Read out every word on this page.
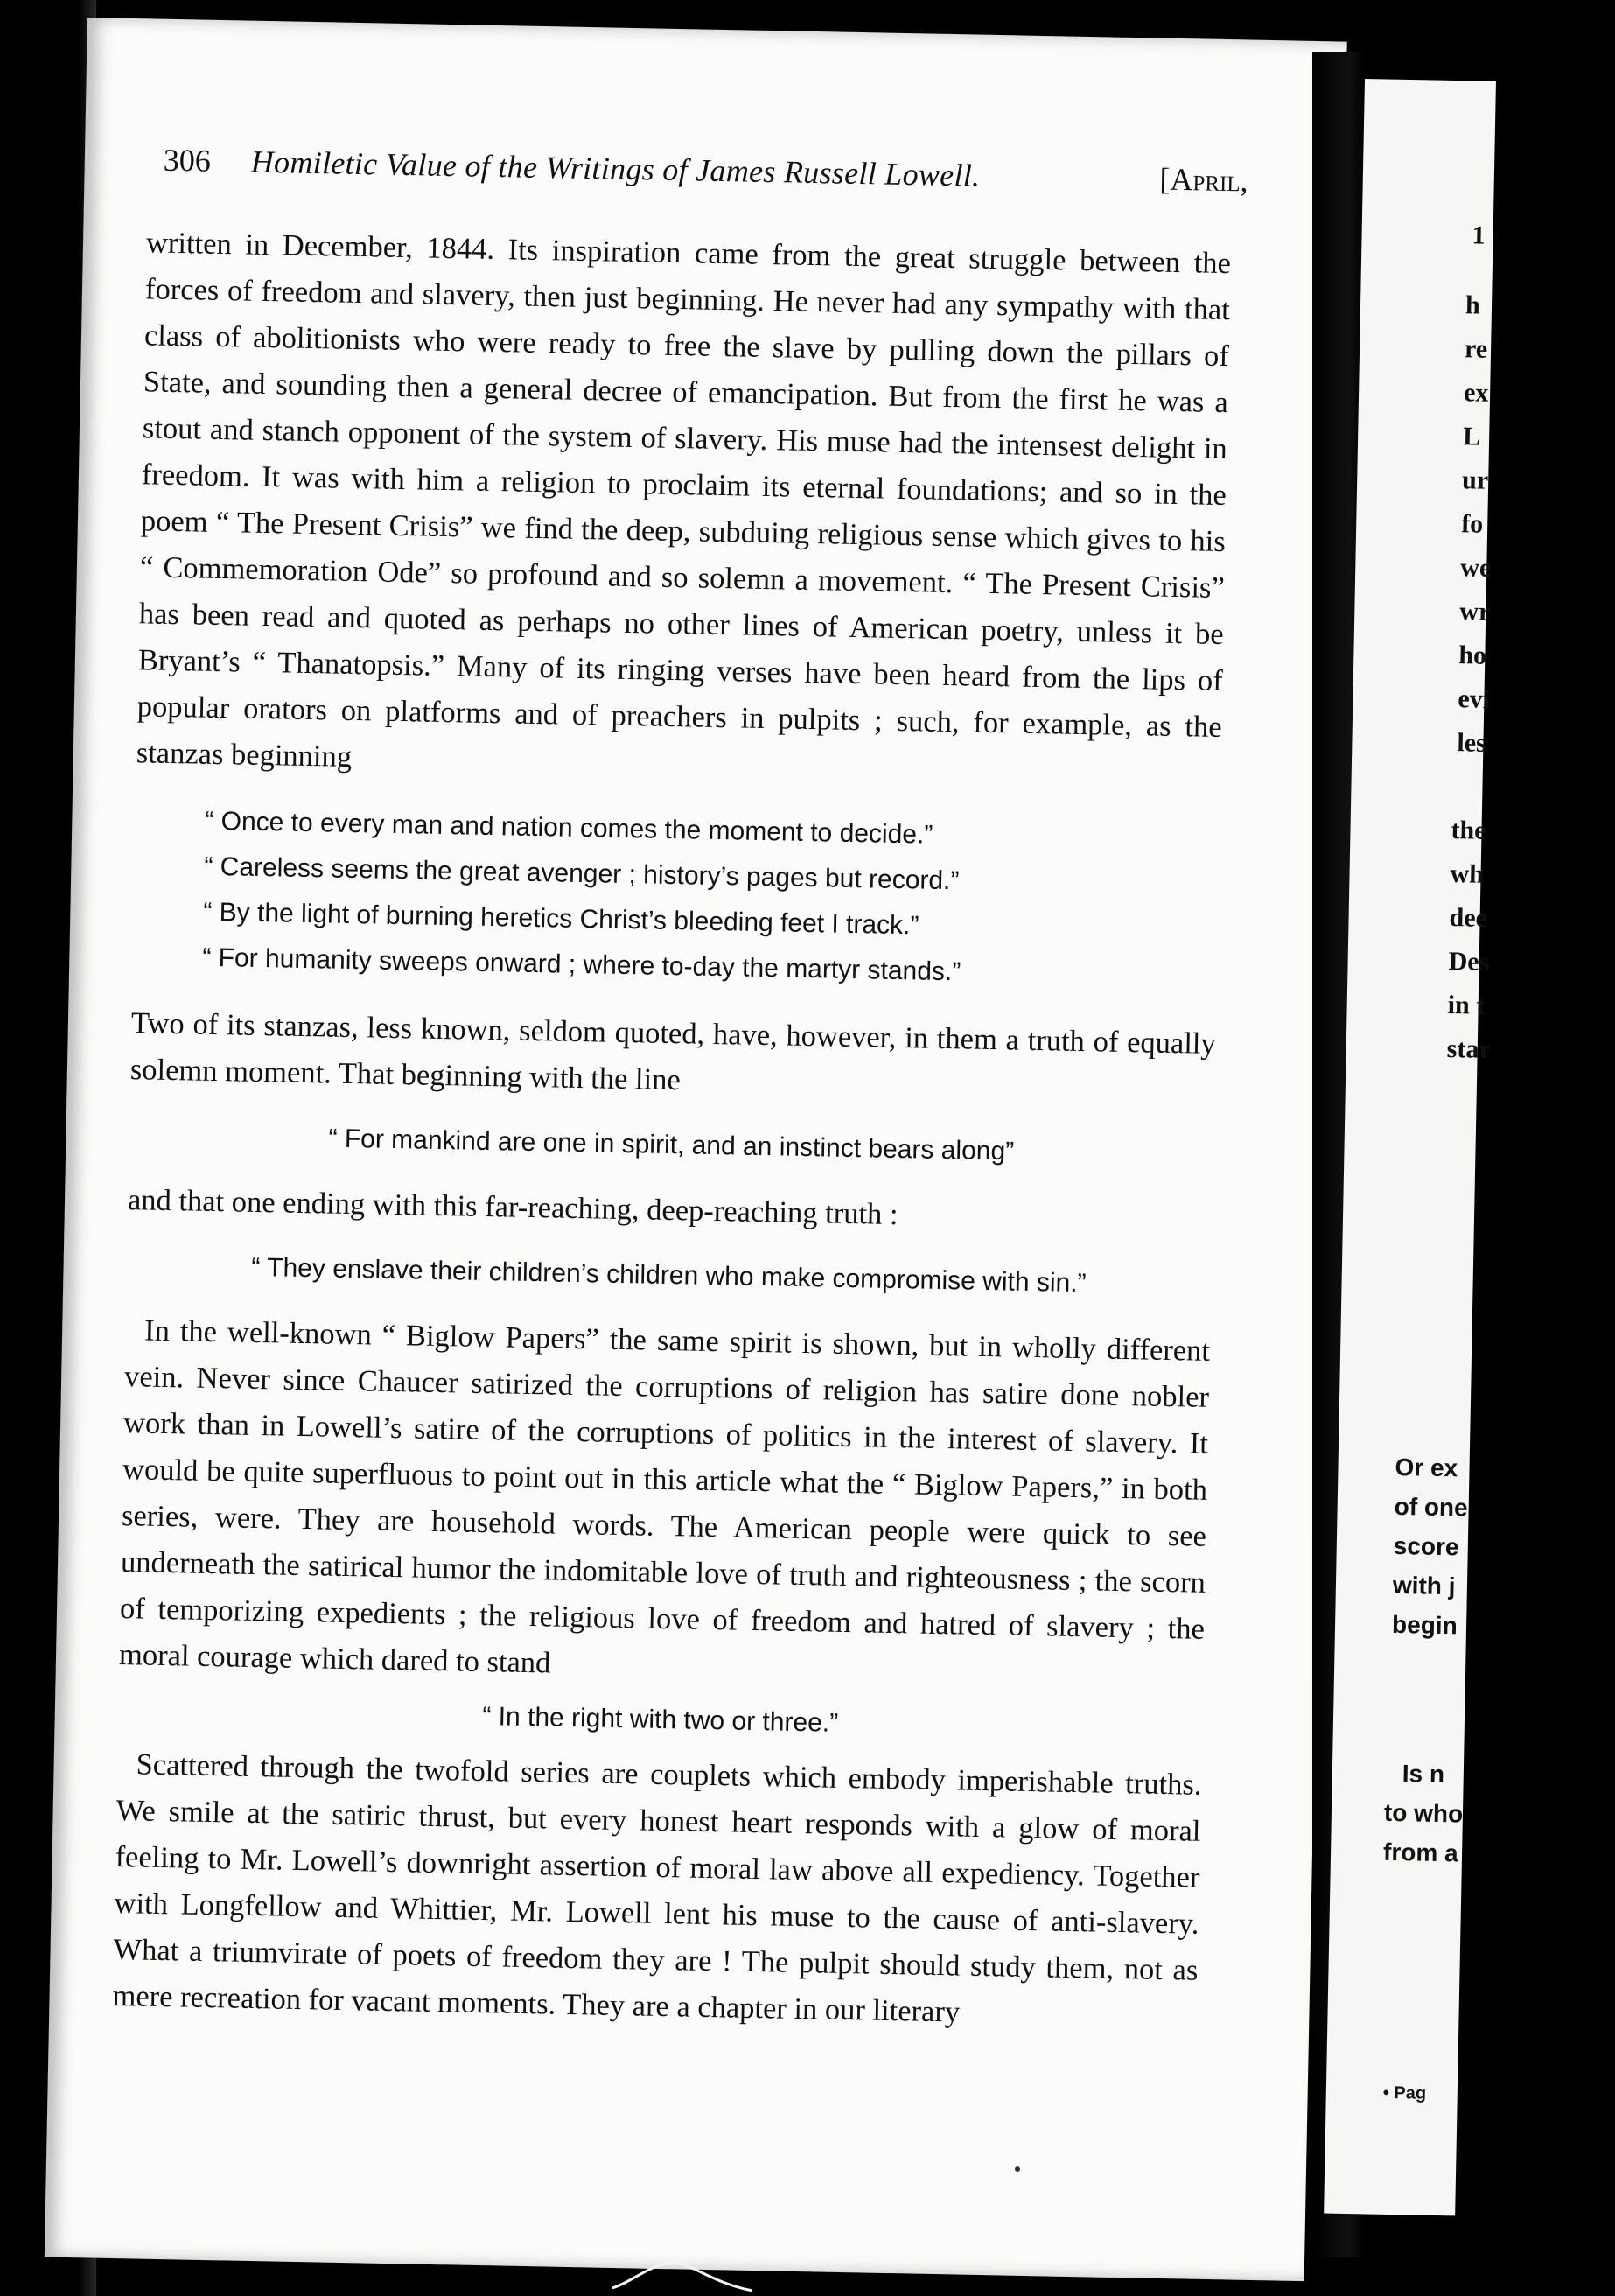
306 Homiletic Value of the Writings of James Russell Lowell.	[April,

written in December, 1844. Its inspiration came from the great struggle between the forces of freedom and slavery, then just beginning. He never had any sympathy with that class of abolitionists who were ready to free the slave by pulling down the pillars of State, and sounding then a general decree of emancipation. But from the first he was a stout and stanch opponent of the system of slavery. His muse had the intensest delight in freedom. It was with him a religion to proclaim its eternal foundations; and so in the poem “ The Present Crisis” we find the deep, subduing religious sense which gives to his “ Commemoration Ode” so profound and so solemn a movement. “ The Present Crisis” has been read and quoted as perhaps no other lines of American poetry, unless it be Bryant’s “ Thanatopsis.” Many of its ringing verses have been heard from the lips of popular orators on platforms and of preachers in pulpits ; such, for example, as the stanzas beginning

“ Once to every man and nation comes the moment to decide.”
“ Careless seems the great avenger ; history’s pages but record.”
“ By the light of burning heretics Christ’s bleeding feet I track.”
“ For humanity sweeps onward ; where to-day the martyr stands.”

Two of its stanzas, less known, seldom quoted, have, however, in them a truth of equally solemn moment. That beginning with the line

“ For mankind are one in spirit, and an instinct bears along”

and that one ending with this far-reaching, deep-reaching truth :

“ They enslave their children’s children who make compromise with sin.”

In the well-known “ Biglow Papers” the same spirit is shown, but in wholly different vein. Never since Chaucer satirized the corruptions of religion has satire done nobler work than in Lowell’s satire of the corruptions of politics in the interest of slavery. It would be quite superfluous to point out in this article what the “ Biglow Papers,” in both series, were. They are household words. The American people were quick to see underneath the satirical humor the indomitable love of truth and righteousness ; the scorn of temporizing expedients ; the religious love of freedom and hatred of slavery ; the moral courage which dared to stand

“ In the right with two or three.”

Scattered through the twofold series are couplets which embody imperishable truths. We smile at the satiric thrust, but every honest heart responds with a glow of moral feeling to Mr. Lowell’s downright assertion of moral law above all expediency. Together with Longfellow and Whittier, Mr. Lowell lent his muse to the cause of anti-slavery. What a triumvirate of poets of freedom they are ! The pulpit should study them, not as mere recreation for vacant moments. They are a chapter in our literary

1
h
re
ex
L
ur
fo
we
wr
ho
evi
les
the
wh
dee
Des
in t
star
Or ex
of one
score
with j
begin
Is n
to who
from a
• Pag
